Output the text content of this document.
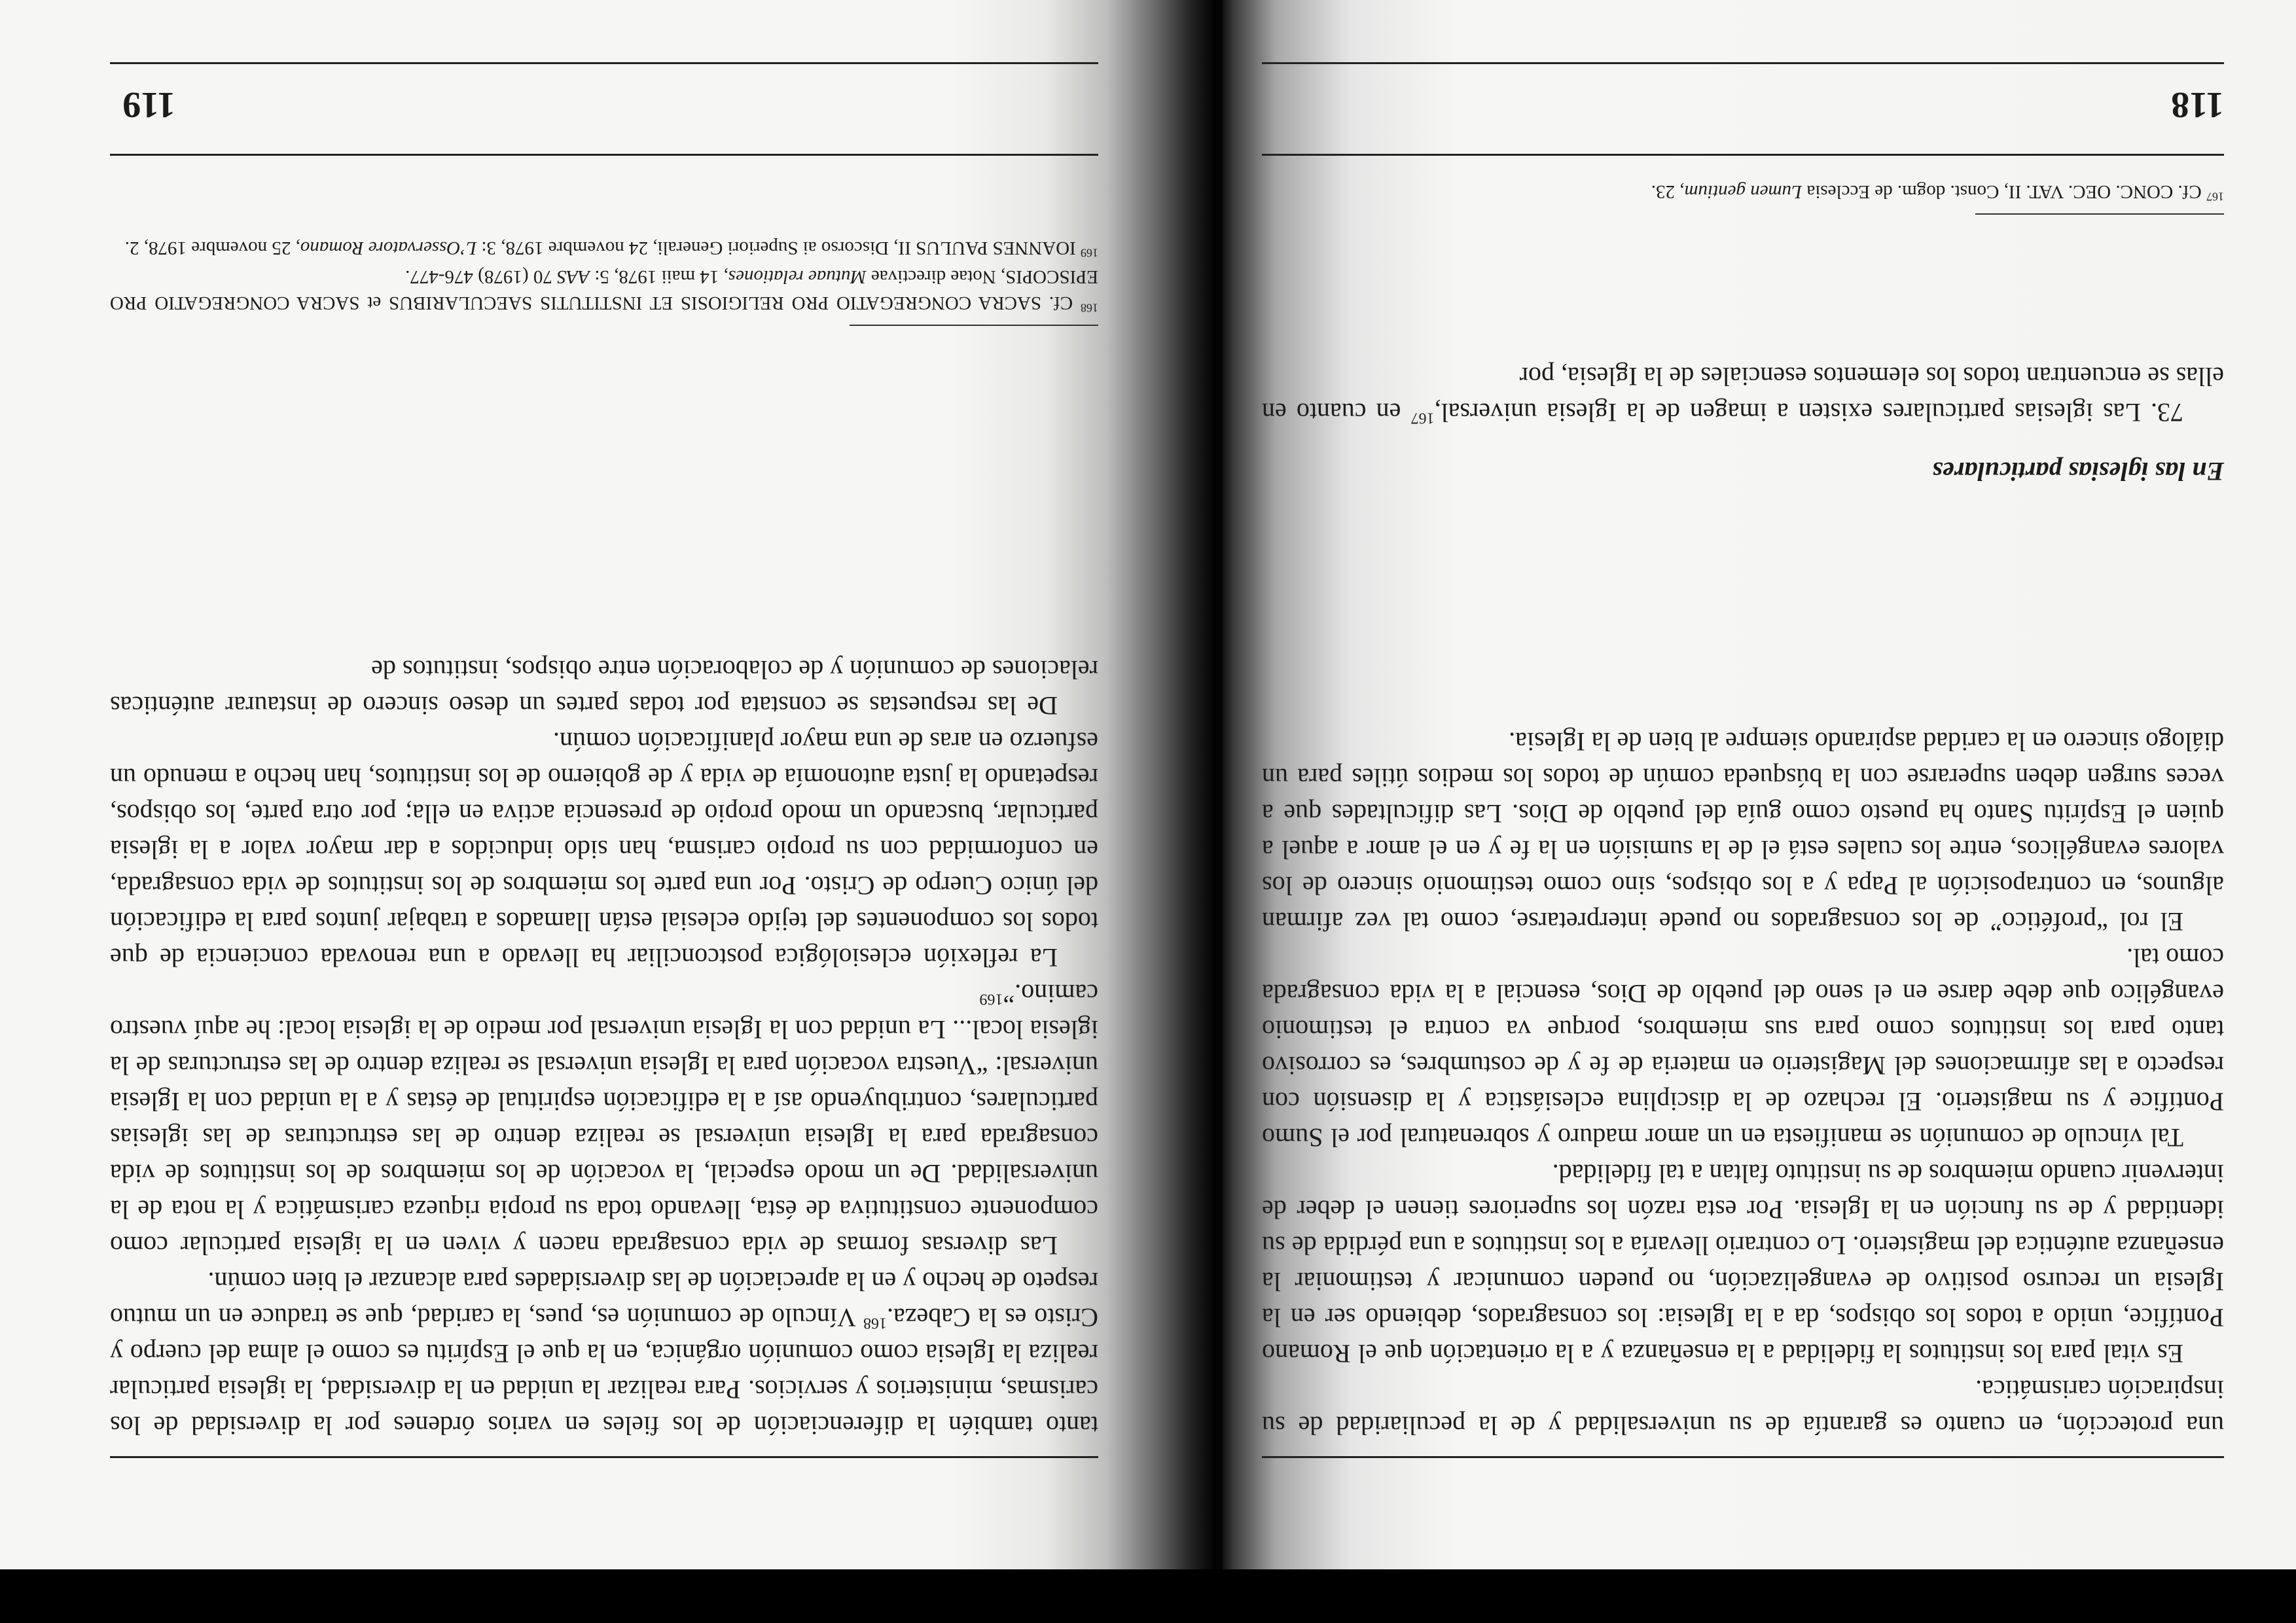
una protección, en cuanto es garantía de su universalidad y de la peculiaridad de su inspiración carismática.

Es vital para los institutos la fidelidad a la enseñanza y a la orientación que el Romano Pontífice, unido a todos los obispos, da a la Iglesia: los consagrados, debiendo ser en la Iglesia un recurso positivo de evangelización, no pueden comunicar y testimoniar la enseñanza auténtica del magisterio. Lo contrario llevaría a los institutos a una pérdida de su identidad y de su función en la Iglesia. Por esta razón los superiores tienen el deber de intervenir cuando miembros de su instituto faltan a tal fidelidad.

Tal vínculo de comunión se manifiesta en un amor maduro y sobrenatural por el Sumo Pontífice y su magisterio. El rechazo de la disciplina eclesiástica y la disensión con respecto a las afirmaciones del Magisterio en materia de fe y de costumbres, es corrosivo tanto para los institutos como para sus miembros, porque va contra el testimonio evangélico que debe darse en el seno del pueblo de Dios, esencial a la vida consagrada como tal.

El rol “profético” de los consagrados no puede interpretarse, como tal vez afirman algunos, en contraposición al Papa y a los obispos, sino como testimonio sincero de los valores evangélicos, entre los cuales está el de la sumisión en la fe y en el amor a aquel a quien el Espíritu Santo ha puesto como guía del pueblo de Dios. Las dificultades que a veces surgen deben superarse con la búsqueda común de todos los medios útiles para un diálogo sincero en la caridad aspirando siempre al bien de la Iglesia.

En las iglesias particulares

73. Las iglesias particulares existen a imagen de la Iglesia universal,$^{167}$ en cuanto en ellas se encuentran todos los elementos esenciales de la Iglesia, por

$^{167}$ Cf. CONC. OEC. VAT. II, Const. dogm. de Ecclesia Lumen gentium, 23.

118

tanto también la diferenciación de los fieles en varios órdenes por la diversidad de los carismas, ministerios y servicios. Para realizar la unidad en la diversidad, la iglesia particular realiza la Iglesia como comunión orgánica, en la que el Espíritu es como el alma del cuerpo y Cristo es la Cabeza.$^{168}$ Vínculo de comunión es, pues, la caridad, que se traduce en un mutuo respeto de hecho y en la apreciación de las diversidades para alcanzar el bien común.

Las diversas formas de vida consagrada nacen y viven en la iglesia particular como componente constitutiva de ésta, llevando toda su propia riqueza carismática y la nota de la universalidad. De un modo especial, la vocación de los miembros de los institutos de vida consagrada para la Iglesia universal se realiza dentro de las estructuras de las iglesias particulares, contribuyendo así a la edificación espiritual de éstas y a la unidad con la Iglesia universal: “Vuestra vocación para la Iglesia universal se realiza dentro de las estructuras de la iglesia local... La unidad con la Iglesia universal por medio de la iglesia local: he aquí vuestro camino.”$^{169}$

La reflexión eclesiológica postconciliar ha llevado a una renovada conciencia de que todos los componentes del tejido eclesial están llamados a trabajar juntos para la edificación del único Cuerpo de Cristo. Por una parte los miembros de los institutos de vida consagrada, en conformidad con su propio carisma, han sido inducidos a dar mayor valor a la iglesia particular, buscando un modo propio de presencia activa en ella; por otra parte, los obispos, respetando la justa autonomía de vida y de gobierno de los institutos, han hecho a menudo un esfuerzo en aras de una mayor planificación común.

De las respuestas se constata por todas partes un deseo sincero de instaurar auténticas relaciones de comunión y de colaboración entre obispos, institutos de

$^{168}$ Cf. SACRA CONGREGATIO PRO RELIGIOSIS ET INSTITUTIS SAECULARIBUS et SACRA CONGREGATIO PRO EPISCOPIS, Notae directivae Mutuae relationes, 14 maii 1978, 5: AAS 70 (1978) 476-477.

$^{169}$ IOANNES PAULUS II, Discorso ai Superiori Generali, 24 novembre 1978, 3: L’Osservatore Romano, 25 novembre 1978, 2.

119
